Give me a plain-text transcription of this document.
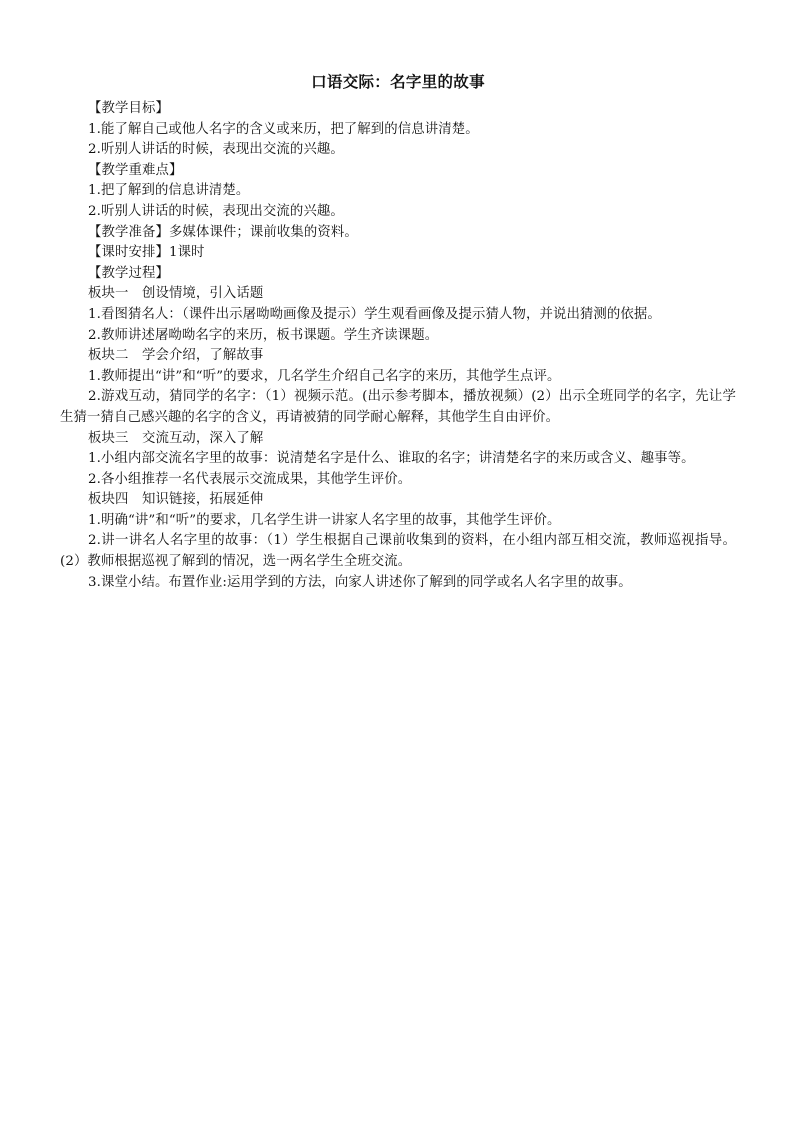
口语交际：名字里的故事

【教学目标】

1.能了解自己或他人名字的含义或来历，把了解到的信息讲清楚。

2.听别人讲话的时候，表现出交流的兴趣。

【教学重难点】

1.把了解到的信息讲清楚。

2.听别人讲话的时候，表现出交流的兴趣。

【教学准备】多媒体课件；课前收集的资料。

【课时安排】1课时

【教学过程】

板块一　创设情境，引入话题

1.看图猜名人：（课件出示屠呦呦画像及提示）学生观看画像及提示猜人物，并说出猜测的依据。

2.教师讲述屠呦呦名字的来历，板书课题。学生齐读课题。

板块二　学会介绍，了解故事

1.教师提出“讲”和“听”的要求，几名学生介绍自己名字的来历，其他学生点评。

2.游戏互动，猜同学的名字：（1）视频示范。(出示参考脚本，播放视频）(2）出示全班同学的名字，先让学生猜一猜自己感兴趣的名字的含义，再请被猜的同学耐心解释，其他学生自由评价。

板块三　交流互动，深入了解

1.小组内部交流名字里的故事：说清楚名字是什么、谁取的名字；讲清楚名字的来历或含义、趣事等。

2.各小组推荐一名代表展示交流成果，其他学生评价。

板块四　知识链接，拓展延伸

1.明确“讲”和“听”的要求，几名学生讲一讲家人名字里的故事，其他学生评价。

2.讲一讲名人名字里的故事：（1）学生根据自己课前收集到的资料，在小组内部互相交流，教师巡视指导。(2）教师根据巡视了解到的情况，选一两名学生全班交流。

3.课堂小结。布置作业:运用学到的方法，向家人讲述你了解到的同学或名人名字里的故事。
